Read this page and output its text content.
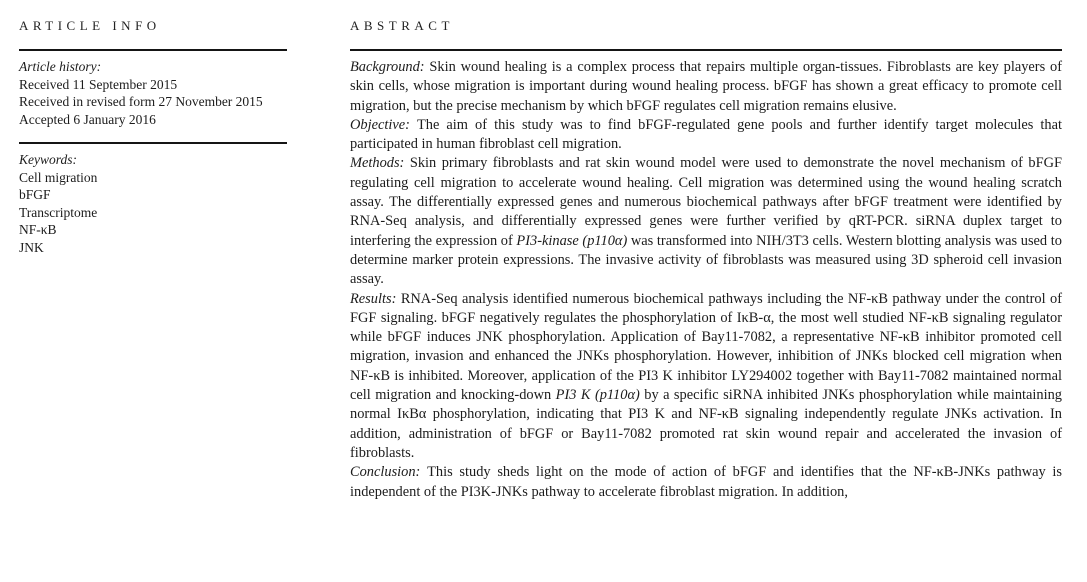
ARTICLE INFO
Article history:
Received 11 September 2015
Received in revised form 27 November 2015
Accepted 6 January 2016
Keywords:
Cell migration
bFGF
Transcriptome
NF-κB
JNK
ABSTRACT

Background: Skin wound healing is a complex process that repairs multiple organ-tissues. Fibroblasts are key players of skin cells, whose migration is important during wound healing process. bFGF has shown a great efficacy to promote cell migration, but the precise mechanism by which bFGF regulates cell migration remains elusive.

Objective: The aim of this study was to find bFGF-regulated gene pools and further identify target molecules that participated in human fibroblast cell migration.

Methods: Skin primary fibroblasts and rat skin wound model were used to demonstrate the novel mechanism of bFGF regulating cell migration to accelerate wound healing. Cell migration was determined using the wound healing scratch assay. The differentially expressed genes and numerous biochemical pathways after bFGF treatment were identified by RNA-Seq analysis, and differentially expressed genes were further verified by qRT-PCR. siRNA duplex target to interfering the expression of PI3-kinase (p110α) was transformed into NIH/3T3 cells. Western blotting analysis was used to determine marker protein expressions. The invasive activity of fibroblasts was measured using 3D spheroid cell invasion assay.

Results: RNA-Seq analysis identified numerous biochemical pathways including the NF-κB pathway under the control of FGF signaling. bFGF negatively regulates the phosphorylation of IκB-α, the most well studied NF-κB signaling regulator while bFGF induces JNK phosphorylation. Application of Bay11-7082, a representative NF-κB inhibitor promoted cell migration, invasion and enhanced the JNKs phosphorylation. However, inhibition of JNKs blocked cell migration when NF-κB is inhibited. Moreover, application of the PI3 K inhibitor LY294002 together with Bay11-7082 maintained normal cell migration and knocking-down PI3 K (p110α) by a specific siRNA inhibited JNKs phosphorylation while maintaining normal IκBα phosphorylation, indicating that PI3 K and NF-κB signaling independently regulate JNKs activation. In addition, administration of bFGF or Bay11-7082 promoted rat skin wound repair and accelerated the invasion of fibroblasts.

Conclusion: This study sheds light on the mode of action of bFGF and identifies that the NF-κB-JNKs pathway is independent of the PI3K-JNKs pathway to accelerate fibroblast migration. In addition,
